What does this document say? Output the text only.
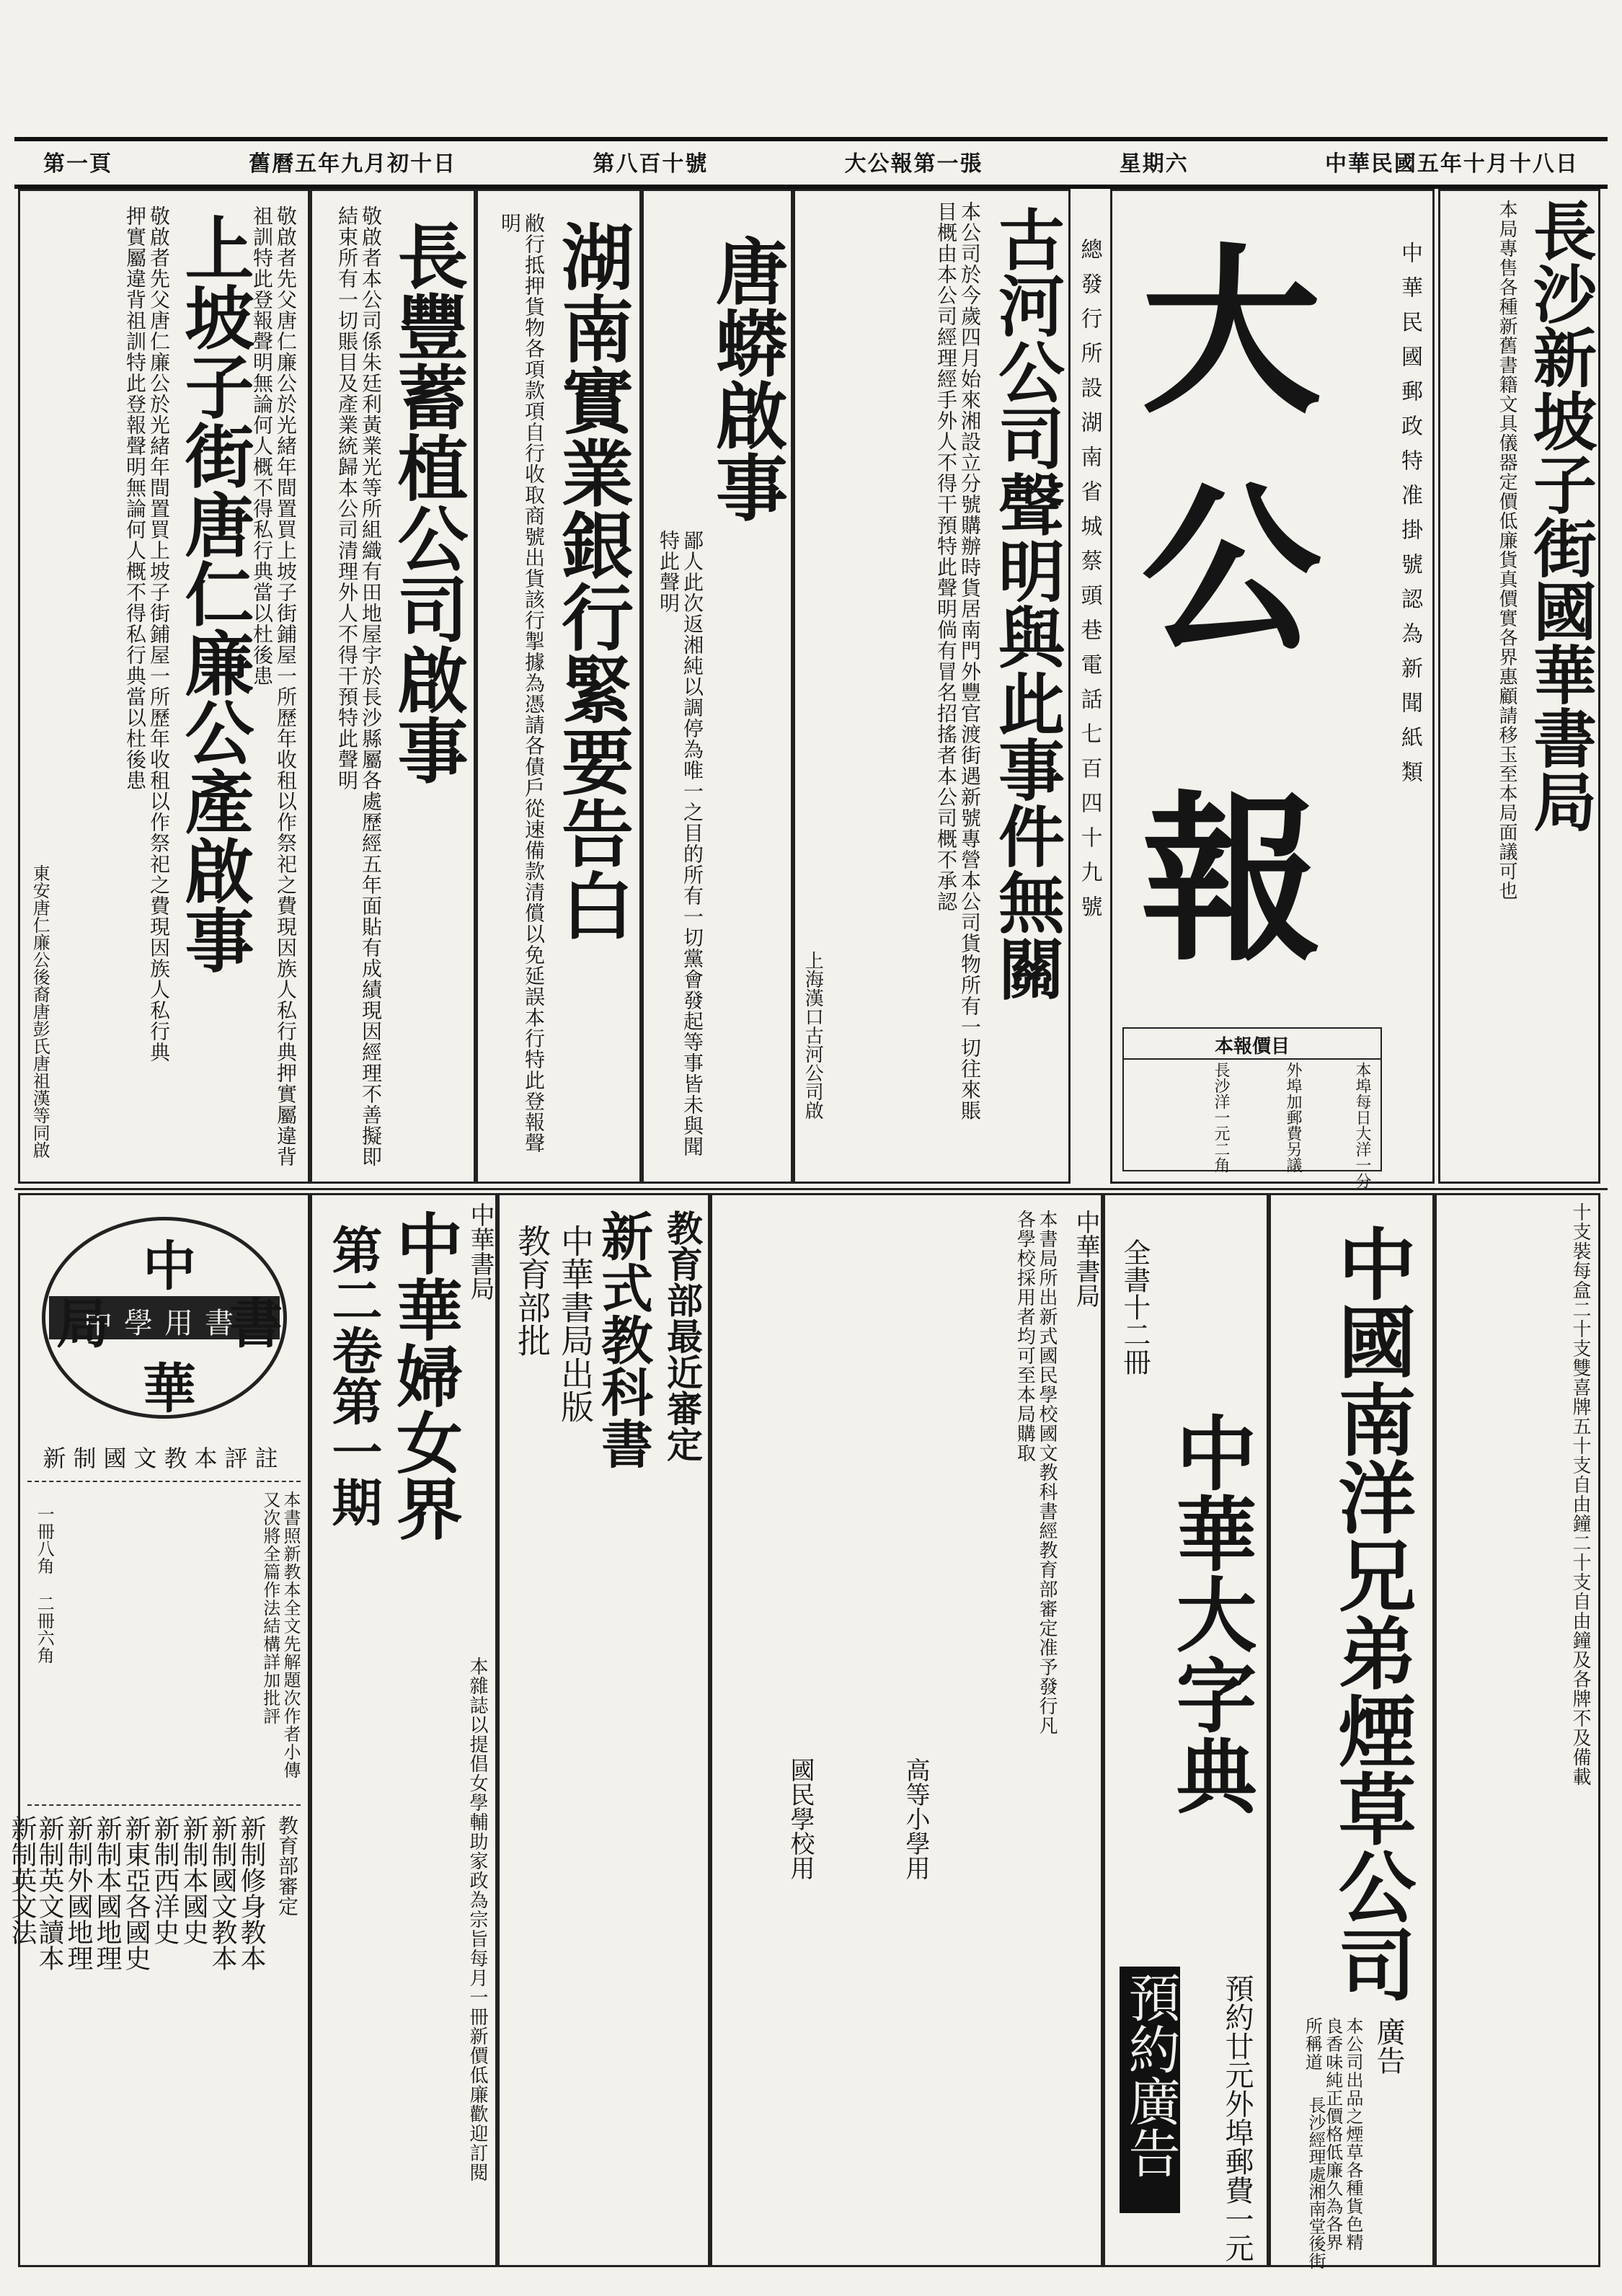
中華民國五年十月十八日
星期六
大公報第一張
第八百十號
舊曆五年九月初十日
第一頁
長沙新坡子街國華書局
本局專售各種新舊書籍文具儀器定價低廉貨真價實各界惠顧請移玉至本局面議可也
中華民國郵政特准掛號認為新聞紙類
大
公
報
本報價目
本埠每日大洋一分
外埠加郵費另議
長沙洋一元二角
總發行所設湖南省城蔡頭巷電話七百四十九號
古河公司聲明與此事件無關
本公司於今歲四月始來湘設立分號購辦時貨居南門外豐官渡街遇新號專營本公司貨物所有一切往來賬目概由本公司經理經手外人不得干預特此聲明倘有冒名招搖者本公司概不承認
上海漢口古河公司啟
唐蟒啟事
鄙人此次返湘純以調停為唯一之目的所有一切黨會發起等事皆未與聞特此聲明
湖南實業銀行緊要告白
敝行抵押貨物各項款項自行收取商號出貨該行掣據為憑請各債戶從速備款清償以免延誤本行特此登報聲明
長豐蓄植公司啟事
敬啟者本公司係朱廷利黃業光等所組織有田地屋宇於長沙縣屬各處歷經五年面貼有成績現因經理不善擬即結束所有一切賬目及產業統歸本公司清理外人不得干預特此聲明
上坡子街唐仁廉公產啟事 敬啟者先父唐仁廉公於光緒年間置買上坡子街鋪屋一所歷年收租以作祭祀之費現因族人私行典押實屬違背祖訓特此登報聲明無論何人概不得私行典當以杜後患
敬啟者先父唐仁廉公於光緒年間置買上坡子街鋪屋一所歷年收租以作祭祀之費現因族人私行典押實屬違背祖訓特此登報聲明無論何人概不得私行典當以杜後患
東安唐仁廉公後裔唐彭氏唐祖漢等同啟
十支裝每盒二十支雙喜牌五十支自由鐘二十支自由鐘及各牌不及備載
中國南洋兄弟煙草公司
廣告
本公司出品之煙草各種貨色精良香味純正價格低廉久為各界所稱道
長沙經理處湘南堂後街
中華大字典
全書十二冊
預約廣告 預約廿元外埠郵費一元
中華書局
本書局所出新式國民學校國文教科書經教育部審定准予發行凡各學校採用者均可至本局購取
國民學校用	高等小學用
教育部最近審定
新式教科書
中華書局出版
教育部批
中華書局
中華婦女界
第二卷第一期
本雜誌以提倡女學輔助家政為宗旨每月一冊新價低廉歡迎訂閱
中學用書
中
書
局
華
新制國文教本評註
本書照新教本全文先解題次作者小傳又次將全篇作法結構詳加批評
一冊八角 二冊六角
教育部審定
新制修身教本
新制國文教本
新制本國史
新制西洋史
新東亞各國史
新制本國地理
新制外國地理
新制英文讀本
新制英文法
